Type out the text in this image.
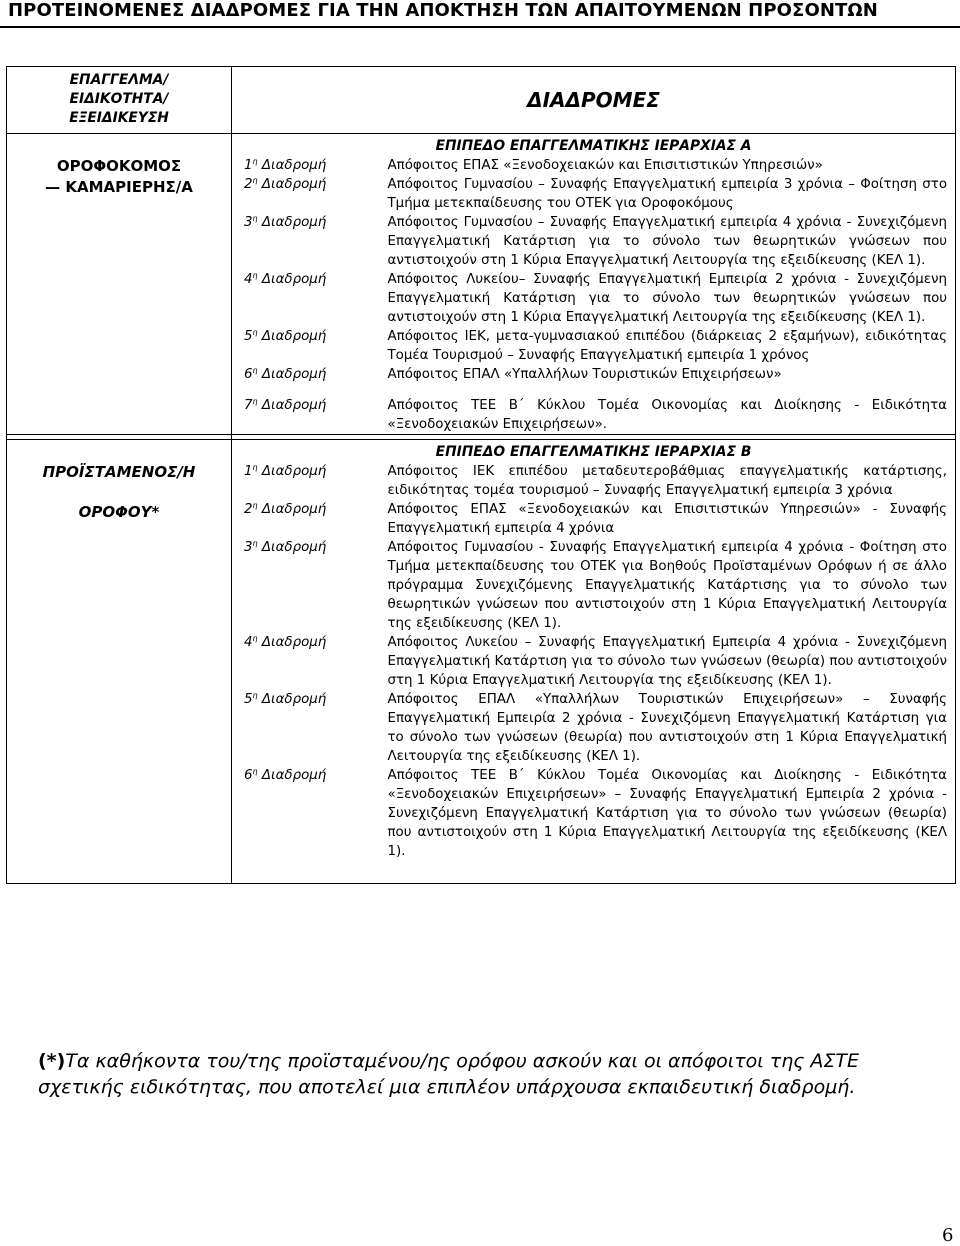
ΠΡΟΤΕΙΝΟΜΕΝΕΣ ΔΙΑΔΡΟΜΕΣ ΓΙΑ ΤΗΝ ΑΠΟΚΤΗΣΗ ΤΩΝ ΑΠΑΙΤΟΥΜΕΝΩΝ ΠΡΟΣΟΝΤΩΝ
ΕΠΑΓΓΕΛΜΑ/
ΕΙΔΙΚΟΤΗΤΑ/
ΕΞΕΙΔΙΚΕΥΣΗ	ΔΙΑΔΡΟΜΕΣ	
	ΕΠΙΠΕΔΟ ΕΠΑΓΓΕΛΜΑΤΙΚΗΣ ΙΕΡΑΡΧΙΑΣ Α	

ΟΡΟΦΟΚΟΜΟΣ
— ΚΑΜΑΡΙΕΡΗΣ/Α	$1^\eta$ Διαδρομή	Απόφοιτος ΕΠΑΣ «Ξενοδοχειακών και Επισιτιστικών Υπηρεσιών»
	$2^\eta$ Διαδρομή	Απόφοιτος Γυμνασίου – Συναφής Επαγγελματική εμπειρία 3 χρόνια – Φοίτηση στο Τμήμα μετεκπαίδευσης του ΟΤΕΚ για Οροφοκόμους
	$3^\eta$ Διαδρομή	Απόφοιτος Γυμνασίου – Συναφής Επαγγελματική εμπειρία 4 χρόνια - Συνεχιζόμενη Επαγγελματική Κατάρτιση για το σύνολο των θεωρητικών γνώσεων που αντιστοιχούν στη 1 Κύρια Επαγγελματική Λειτουργία της εξειδίκευσης (ΚΕΛ 1).
	$4^\eta$ Διαδρομή	Απόφοιτος Λυκείου– Συναφής Επαγγελματική Εμπειρία 2 χρόνια - Συνεχιζόμενη Επαγγελματική Κατάρτιση για το σύνολο των θεωρητικών γνώσεων που αντιστοιχούν στη 1 Κύρια Επαγγελματική Λειτουργία της εξειδίκευσης (ΚΕΛ 1).
	$5^\eta$ Διαδρομή	Απόφοιτος ΙΕΚ, μετα-γυμνασιακού επιπέδου (διάρκειας 2 εξαμήνων), ειδικότητας Τομέα Τουρισμού – Συναφής Επαγγελματική εμπειρία 1 χρόνος
	$6^\eta$ Διαδρομή	Απόφοιτος ΕΠΑΛ «Υπαλλήλων Τουριστικών Επιχειρήσεων»

	$7^\eta$ Διαδρομή	Απόφοιτος ΤΕΕ Β΄ Κύκλου Τομέα Οικονομίας και Διοίκησης - Ειδικότητα «Ξενοδοχειακών Επιχειρήσεων».

	ΕΠΙΠΕΔΟ ΕΠΑΓΓΕΛΜΑΤΙΚΗΣ ΙΕΡΑΡΧΙΑΣ Β	

ΠΡΟΪΣΤΑΜΕΝΟΣ/Η
ΟΡΟΦΟΥ*	$1^\eta$ Διαδρομή	Απόφοιτος ΙΕΚ επιπέδου μεταδευτεροβάθμιας επαγγελματικής κατάρτισης, ειδικότητας τομέα τουρισμού – Συναφής Επαγγελματική εμπειρία 3 χρόνια
	$2^\eta$ Διαδρομή	Απόφοιτος ΕΠΑΣ «Ξενοδοχειακών και Επισιτιστικών Υπηρεσιών» - Συναφής Επαγγελματική εμπειρία 4 χρόνια
	$3^\eta$ Διαδρομή	Απόφοιτος Γυμνασίου - Συναφής Επαγγελματική εμπειρία 4 χρόνια - Φοίτηση στο Τμήμα μετεκπαίδευσης του ΟΤΕΚ για Βοηθούς Προϊσταμένων Ορόφων ή σε άλλο πρόγραμμα Συνεχιζόμενης Επαγγελματικής Κατάρτισης για το σύνολο των θεωρητικών γνώσεων που αντιστοιχούν στη 1 Κύρια Επαγγελματική Λειτουργία της εξειδίκευσης (ΚΕΛ 1).
	$4^\eta$ Διαδρομή	Απόφοιτος Λυκείου – Συναφής Επαγγελματική Εμπειρία 4 χρόνια - Συνεχιζόμενη Επαγγελματική Κατάρτιση για το σύνολο των γνώσεων (θεωρία) που αντιστοιχούν στη 1 Κύρια Επαγγελματική Λειτουργία της εξειδίκευσης (ΚΕΛ 1).
	$5^\eta$ Διαδρομή	Απόφοιτος ΕΠΑΛ «Υπαλλήλων Τουριστικών Επιχειρήσεων» – Συναφής Επαγγελματική Εμπειρία 2 χρόνια - Συνεχιζόμενη Επαγγελματική Κατάρτιση για το σύνολο των γνώσεων (θεωρία) που αντιστοιχούν στη 1 Κύρια Επαγγελματική Λειτουργία της εξειδίκευσης (ΚΕΛ 1).
	$6^\eta$ Διαδρομή	Απόφοιτος ΤΕΕ Β΄ Κύκλου Τομέα Οικονομίας και Διοίκησης - Ειδικότητα «Ξενοδοχειακών Επιχειρήσεων» – Συναφής Επαγγελματική Εμπειρία 2 χρόνια - Συνεχιζόμενη Επαγγελματική Κατάρτιση για το σύνολο των γνώσεων (θεωρία) που αντιστοιχούν στη 1 Κύρια Επαγγελματική Λειτουργία της εξειδίκευσης (ΚΕΛ 1).

(*)Τα καθήκοντα του/της προϊσταμένου/ης ορόφου ασκούν και οι απόφοιτοι της ΑΣΤΕ σχετικής ειδικότητας, που αποτελεί μια επιπλέον υπάρχουσα εκπαιδευτική διαδρομή.
6
